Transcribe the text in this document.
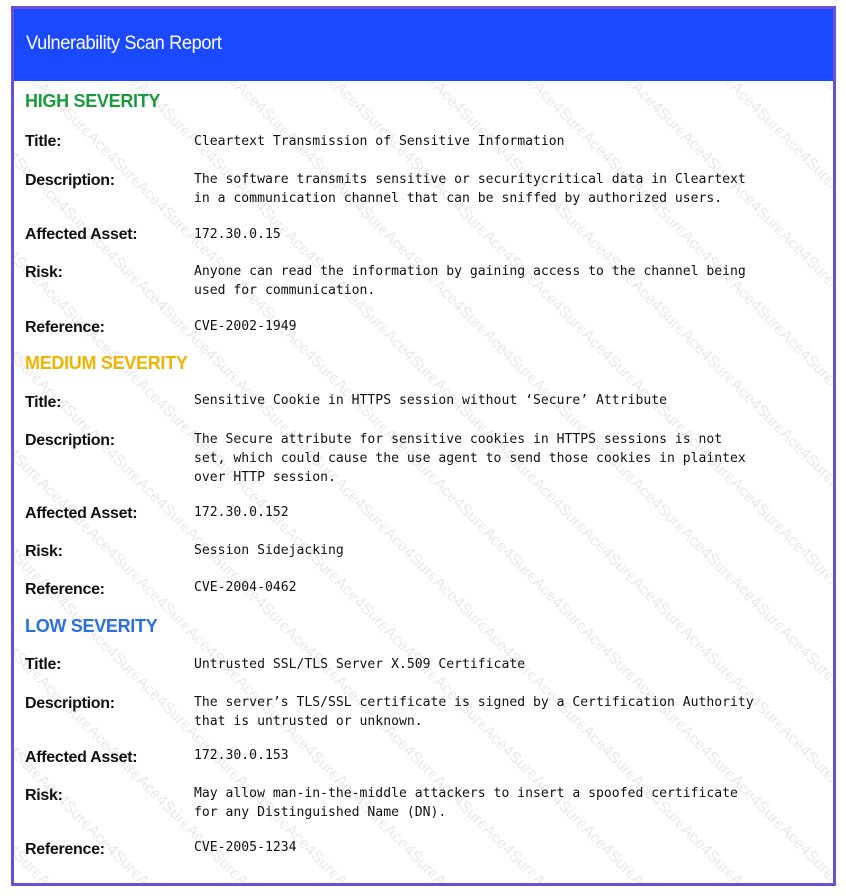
Vulnerability Scan Report
HIGH SEVERITY
Title:	Cleartext Transmission of Sensitive Information
Description:	The software transmits sensitive or securitycritical data in Cleartext
in a communication channel that can be sniffed by authorized users.
Affected Asset:	172.30.0.15
Risk:	Anyone can read the information by gaining access to the channel being
used for communication.
Reference:	CVE-2002-1949
MEDIUM SEVERITY
Title:	Sensitive Cookie in HTTPS session without ‘Secure’ Attribute
Description:	The Secure attribute for sensitive cookies in HTTPS sessions is not
set, which could cause the use agent to send those cookies in plaintex
over HTTP session.
Affected Asset:	172.30.0.152
Risk:	Session Sidejacking
Reference:	CVE-2004-0462
LOW SEVERITY
Title:	Untrusted SSL/TLS Server X.509 Certificate
Description:	The server’s TLS/SSL certificate is signed by a Certification Authority
that is untrusted or unknown.
Affected Asset:	172.30.0.153
Risk:	May allow man-in-the-middle attackers to insert a spoofed certificate
for any Distinguished Name (DN).
Reference:	CVE-2005-1234
